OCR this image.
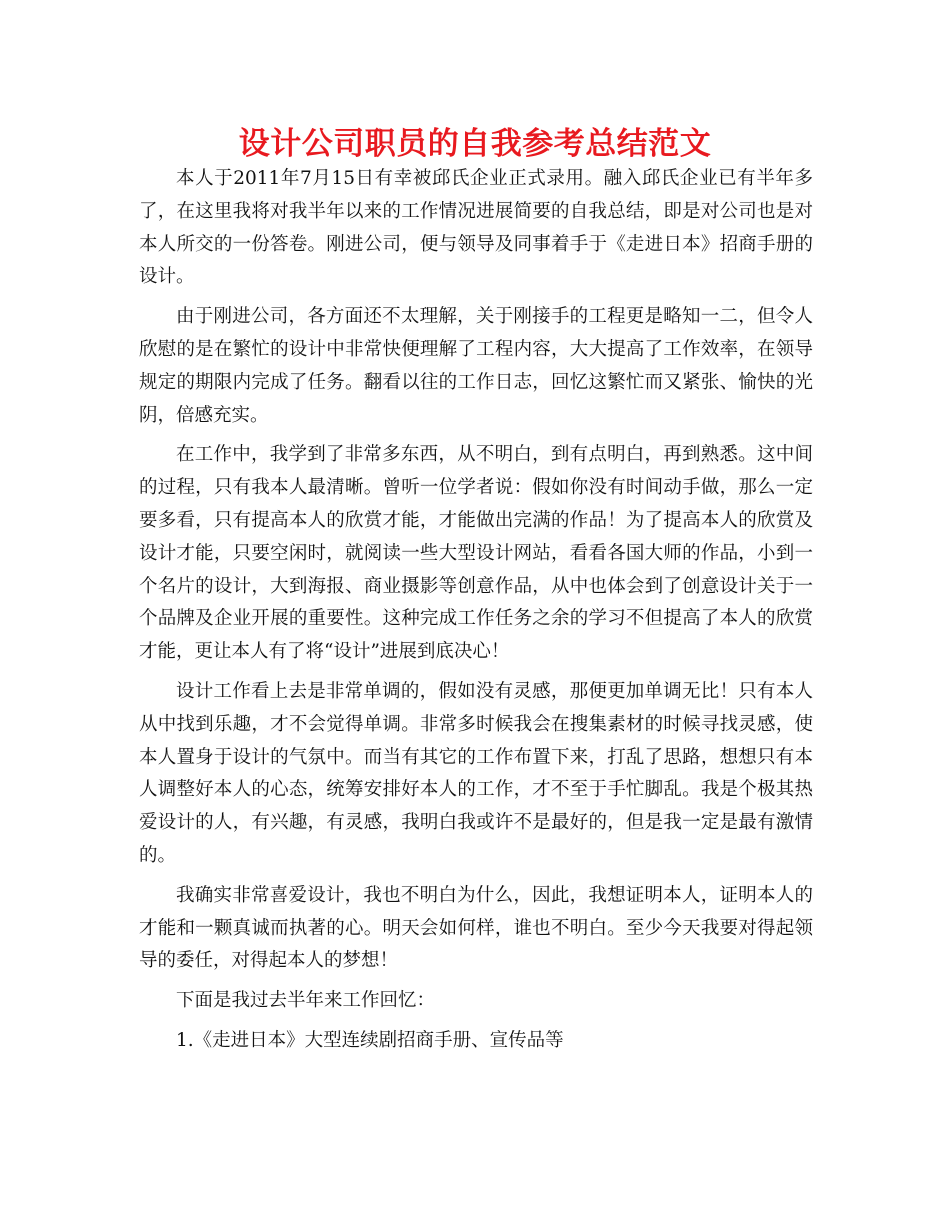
设计公司职员的自我参考总结范文

本人于2011年7月15日有幸被邱氏企业正式录用。融入邱氏企业已有半年多了，在这里我将对我半年以来的工作情况进展简要的自我总结，即是对公司也是对本人所交的一份答卷。刚进公司，便与领导及同事着手于《走进日本》招商手册的设计。

由于刚进公司，各方面还不太理解，关于刚接手的工程更是略知一二，但令人欣慰的是在繁忙的设计中非常快便理解了工程内容，大大提高了工作效率，在领导规定的期限内完成了任务。翻看以往的工作日志，回忆这繁忙而又紧张、愉快的光阴，倍感充实。

在工作中，我学到了非常多东西，从不明白，到有点明白，再到熟悉。这中间的过程，只有我本人最清晰。曾听一位学者说：假如你没有时间动手做，那么一定要多看，只有提高本人的欣赏才能，才能做出完满的作品！为了提高本人的欣赏及设计才能，只要空闲时，就阅读一些大型设计网站，看看各国大师的作品，小到一个名片的设计，大到海报、商业摄影等创意作品，从中也体会到了创意设计关于一个品牌及企业开展的重要性。这种完成工作任务之余的学习不但提高了本人的欣赏才能，更让本人有了将“设计”进展到底决心！

设计工作看上去是非常单调的，假如没有灵感，那便更加单调无比！只有本人从中找到乐趣，才不会觉得单调。非常多时候我会在搜集素材的时候寻找灵感，使本人置身于设计的气氛中。而当有其它的工作布置下来，打乱了思路，想想只有本人调整好本人的心态，统筹安排好本人的工作，才不至于手忙脚乱。我是个极其热爱设计的人，有兴趣，有灵感，我明白我或许不是最好的，但是我一定是最有激情的。

我确实非常喜爱设计，我也不明白为什么，因此，我想证明本人，证明本人的才能和一颗真诚而执著的心。明天会如何样，谁也不明白。至少今天我要对得起领导的委任，对得起本人的梦想！

下面是我过去半年来工作回忆：

1.《走进日本》大型连续剧招商手册、宣传品等
